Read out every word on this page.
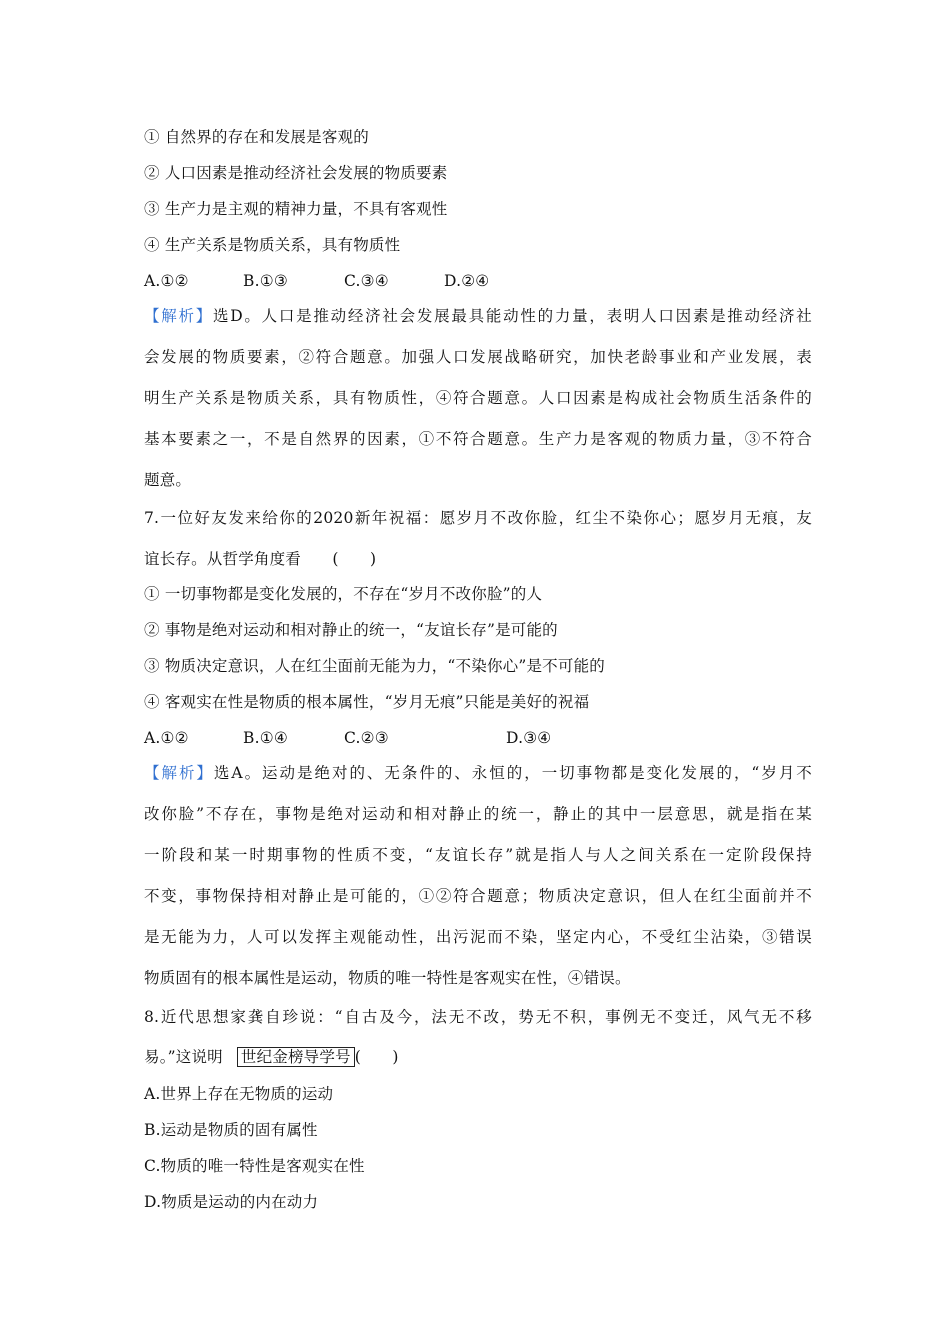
① 自然界的存在和发展是客观的
② 人口因素是推动经济社会发展的物质要素
③ 生产力是主观的精神力量，不具有客观性
④ 生产关系是物质关系，具有物质性
A.①②	B.①③	C.③④	D.②④
【解析】选D。人口是推动经济社会发展最具能动性的力量，表明人口因素是推动经济社
会发展的物质要素，②符合题意。加强人口发展战略研究，加快老龄事业和产业发展，表
明生产关系是物质关系，具有物质性，④符合题意。人口因素是构成社会物质生活条件的
基本要素之一，不是自然界的因素，①不符合题意。生产力是客观的物质力量，③不符合
题意。
7.一位好友发来给你的2020新年祝福：愿岁月不改你脸，红尘不染你心；愿岁月无痕，友
谊长存。从哲学角度看　　(　　)
① 一切事物都是变化发展的，不存在“岁月不改你脸”的人
② 事物是绝对运动和相对静止的统一，“友谊长存”是可能的
③ 物质决定意识，人在红尘面前无能为力，“不染你心”是不可能的
④ 客观实在性是物质的根本属性，“岁月无痕”只能是美好的祝福
A.①②	B.①④	C.②③	D.③④
【解析】选A。运动是绝对的、无条件的、永恒的，一切事物都是变化发展的，“岁月不
改你脸”不存在，事物是绝对运动和相对静止的统一，静止的其中一层意思，就是指在某
一阶段和某一时期事物的性质不变，“友谊长存”就是指人与人之间关系在一定阶段保持
不变，事物保持相对静止是可能的，①②符合题意；物质决定意识，但人在红尘面前并不
是无能为力，人可以发挥主观能动性，出污泥而不染，坚定内心，不受红尘沾染，③错误
物质固有的根本属性是运动，物质的唯一特性是客观实在性，④错误。
8.近代思想家龚自珍说：“自古及今，法无不改，势无不积，事例无不变迁，风气无不移
易。”这说明 世纪金榜导学号 (　　)
A.世界上存在无物质的运动
B.运动是物质的固有属性
C.物质的唯一特性是客观实在性
D.物质是运动的内在动力
